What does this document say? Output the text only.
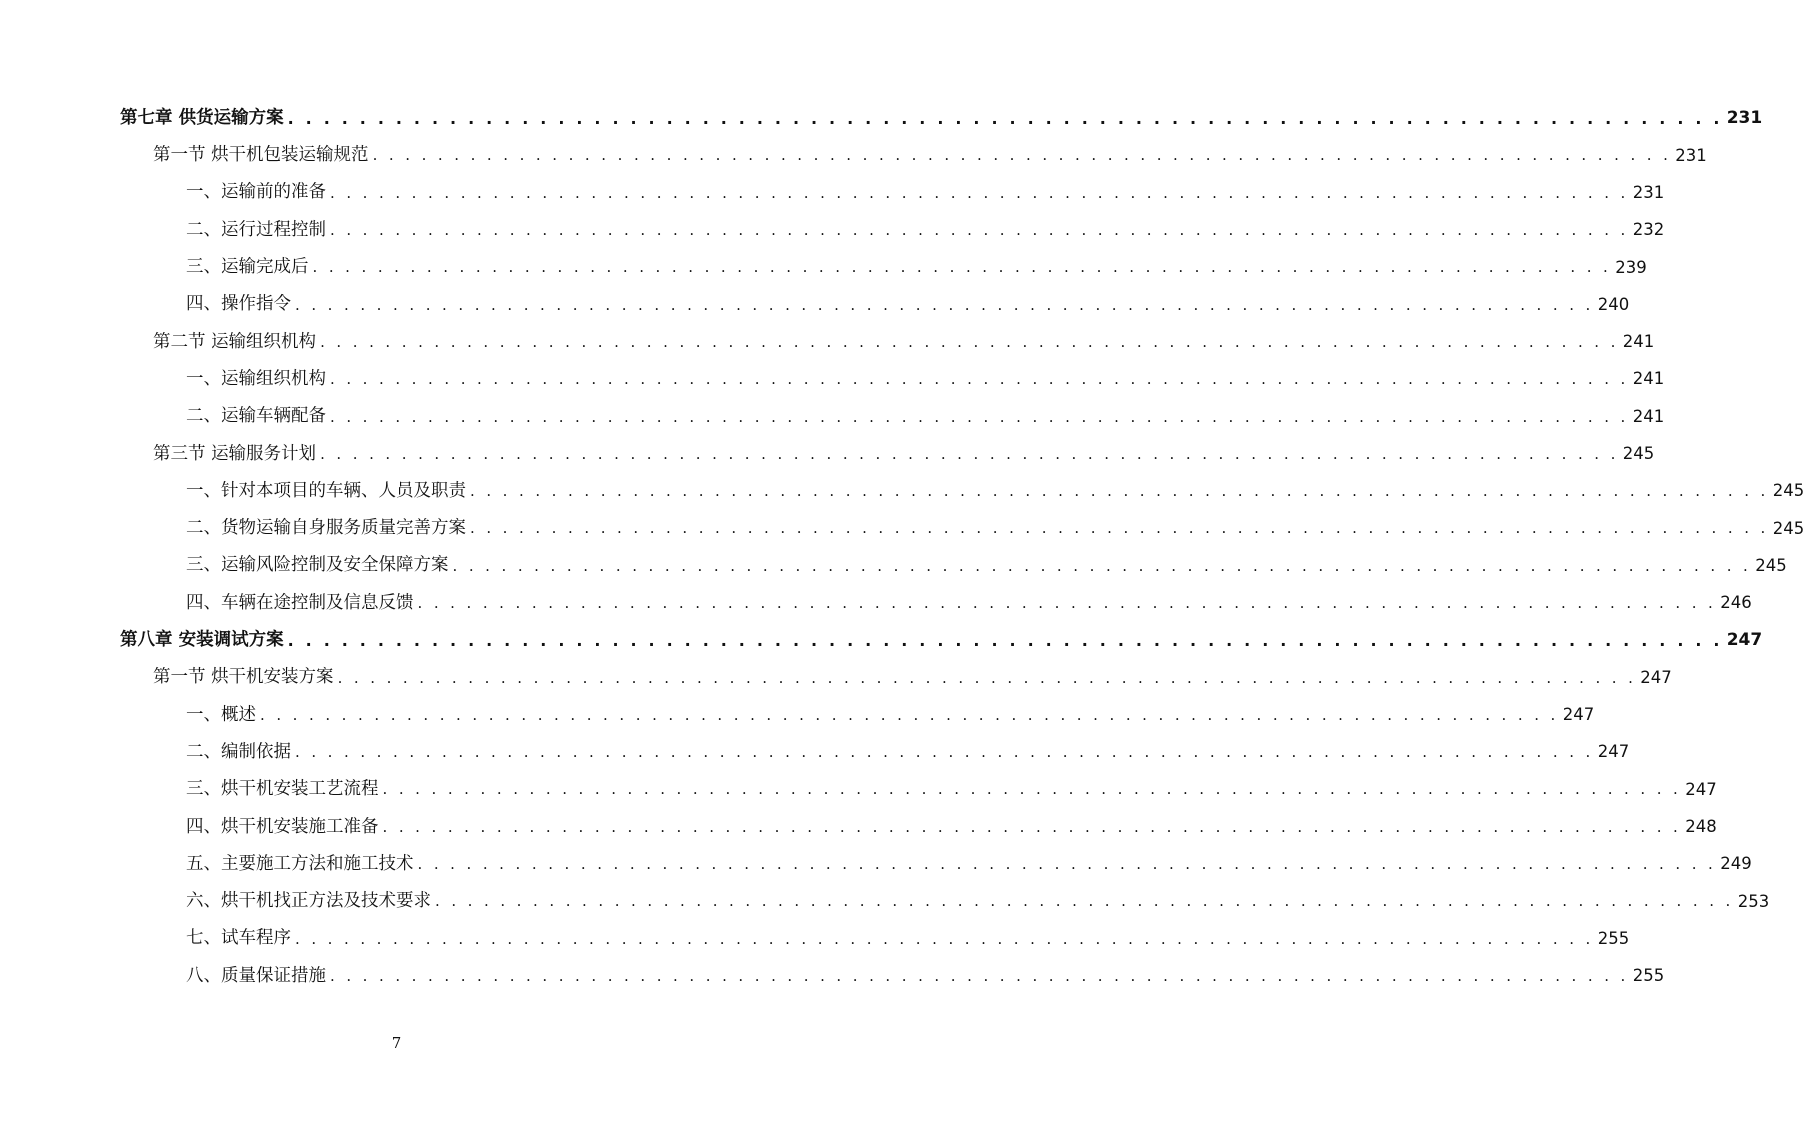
第七章 供货运输方案 . . . . . . . . . . . . . . . . . . . . . . . . . . . . . . . . . . . . . . . . . . . . . . . . . . . . . . . . . . . . . . . . . . . . . . . . . . . . . . . . 231
第一节 烘干机包装运输规范 . . . . . . . . . . . . . . . . . . . . . . . . . . . . . . . . . . . . . . . . . . . . . . . . . . . . . . . . . . . . . . . . . . . . . . . . . . . . . . . . 231
一、运输前的准备 . . . . . . . . . . . . . . . . . . . . . . . . . . . . . . . . . . . . . . . . . . . . . . . . . . . . . . . . . . . . . . . . . . . . . . . . . . . . . . . . 231
二、运行过程控制 . . . . . . . . . . . . . . . . . . . . . . . . . . . . . . . . . . . . . . . . . . . . . . . . . . . . . . . . . . . . . . . . . . . . . . . . . . . . . . . . 232
三、运输完成后 . . . . . . . . . . . . . . . . . . . . . . . . . . . . . . . . . . . . . . . . . . . . . . . . . . . . . . . . . . . . . . . . . . . . . . . . . . . . . . . . 239
四、操作指令 . . . . . . . . . . . . . . . . . . . . . . . . . . . . . . . . . . . . . . . . . . . . . . . . . . . . . . . . . . . . . . . . . . . . . . . . . . . . . . . . 240
第二节 运输组织机构 . . . . . . . . . . . . . . . . . . . . . . . . . . . . . . . . . . . . . . . . . . . . . . . . . . . . . . . . . . . . . . . . . . . . . . . . . . . . . . . . 241
一、运输组织机构 . . . . . . . . . . . . . . . . . . . . . . . . . . . . . . . . . . . . . . . . . . . . . . . . . . . . . . . . . . . . . . . . . . . . . . . . . . . . . . . . 241
二、运输车辆配备 . . . . . . . . . . . . . . . . . . . . . . . . . . . . . . . . . . . . . . . . . . . . . . . . . . . . . . . . . . . . . . . . . . . . . . . . . . . . . . . . 241
第三节 运输服务计划 . . . . . . . . . . . . . . . . . . . . . . . . . . . . . . . . . . . . . . . . . . . . . . . . . . . . . . . . . . . . . . . . . . . . . . . . . . . . . . . . 245
一、针对本项目的车辆、人员及职责 . . . . . . . . . . . . . . . . . . . . . . . . . . . . . . . . . . . . . . . . . . . . . . . . . . . . . . . . . . . . . . . . . . . . . . . . . . . . . . . . 245
二、货物运输自身服务质量完善方案 . . . . . . . . . . . . . . . . . . . . . . . . . . . . . . . . . . . . . . . . . . . . . . . . . . . . . . . . . . . . . . . . . . . . . . . . . . . . . . . . 245
三、运输风险控制及安全保障方案 . . . . . . . . . . . . . . . . . . . . . . . . . . . . . . . . . . . . . . . . . . . . . . . . . . . . . . . . . . . . . . . . . . . . . . . . . . . . . . . . 245
四、车辆在途控制及信息反馈 . . . . . . . . . . . . . . . . . . . . . . . . . . . . . . . . . . . . . . . . . . . . . . . . . . . . . . . . . . . . . . . . . . . . . . . . . . . . . . . . 246
第八章 安装调试方案 . . . . . . . . . . . . . . . . . . . . . . . . . . . . . . . . . . . . . . . . . . . . . . . . . . . . . . . . . . . . . . . . . . . . . . . . . . . . . . . . 247
第一节 烘干机安装方案 . . . . . . . . . . . . . . . . . . . . . . . . . . . . . . . . . . . . . . . . . . . . . . . . . . . . . . . . . . . . . . . . . . . . . . . . . . . . . . . . 247
一、概述 . . . . . . . . . . . . . . . . . . . . . . . . . . . . . . . . . . . . . . . . . . . . . . . . . . . . . . . . . . . . . . . . . . . . . . . . . . . . . . . . 247
二、编制依据 . . . . . . . . . . . . . . . . . . . . . . . . . . . . . . . . . . . . . . . . . . . . . . . . . . . . . . . . . . . . . . . . . . . . . . . . . . . . . . . . 247
三、烘干机安装工艺流程 . . . . . . . . . . . . . . . . . . . . . . . . . . . . . . . . . . . . . . . . . . . . . . . . . . . . . . . . . . . . . . . . . . . . . . . . . . . . . . . . 247
四、烘干机安装施工准备 . . . . . . . . . . . . . . . . . . . . . . . . . . . . . . . . . . . . . . . . . . . . . . . . . . . . . . . . . . . . . . . . . . . . . . . . . . . . . . . . 248
五、主要施工方法和施工技术 . . . . . . . . . . . . . . . . . . . . . . . . . . . . . . . . . . . . . . . . . . . . . . . . . . . . . . . . . . . . . . . . . . . . . . . . . . . . . . . . 249
六、烘干机找正方法及技术要求 . . . . . . . . . . . . . . . . . . . . . . . . . . . . . . . . . . . . . . . . . . . . . . . . . . . . . . . . . . . . . . . . . . . . . . . . . . . . . . . . 253
七、试车程序 . . . . . . . . . . . . . . . . . . . . . . . . . . . . . . . . . . . . . . . . . . . . . . . . . . . . . . . . . . . . . . . . . . . . . . . . . . . . . . . . 255
八、质量保证措施 . . . . . . . . . . . . . . . . . . . . . . . . . . . . . . . . . . . . . . . . . . . . . . . . . . . . . . . . . . . . . . . . . . . . . . . . . . . . . . . . 255
7
